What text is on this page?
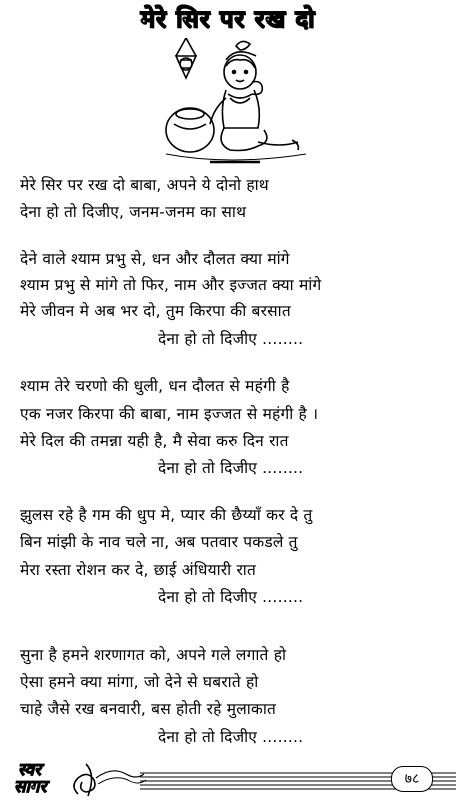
मेरे सिर पर रख दो
मेरे सिर पर रख दो बाबा, अपने ये दोनो हाथ
देना हो तो दिजीए, जनम-जनम का साथ
देने वाले श्याम प्रभु से, धन और दौलत क्या मांगे
श्याम प्रभु से मांगे तो फिर, नाम और इज्जत क्या मांगे
मेरे जीवन मे अब भर दो, तुम किरपा की बरसात
देना हो तो दिजीए ........
श्याम तेरे चरणो की धुली, धन दौलत से महंगी है
एक नजर किरपा की बाबा, नाम इज्जत से महंगी है ।
मेरे दिल की तमन्ना यही है, मै सेवा करु दिन रात
देना हो तो दिजीए ........
झुलस रहे है गम की धुप मे, प्यार की छैय्याँ कर दे तु
बिन मांझी के नाव चले ना, अब पतवार पकडले तु
मेरा रस्ता रोशन कर दे, छाई अंधियारी रात
देना हो तो दिजीए ........
सुना है हमने शरणागत को, अपने गले लगाते हो
ऐसा हमने क्या मांगा, जो देने से घबराते हो
चाहे जैसे रख बनवारी, बस होती रहे मुलाकात
देना हो तो दिजीए ........
स्वर
सागर	७८
